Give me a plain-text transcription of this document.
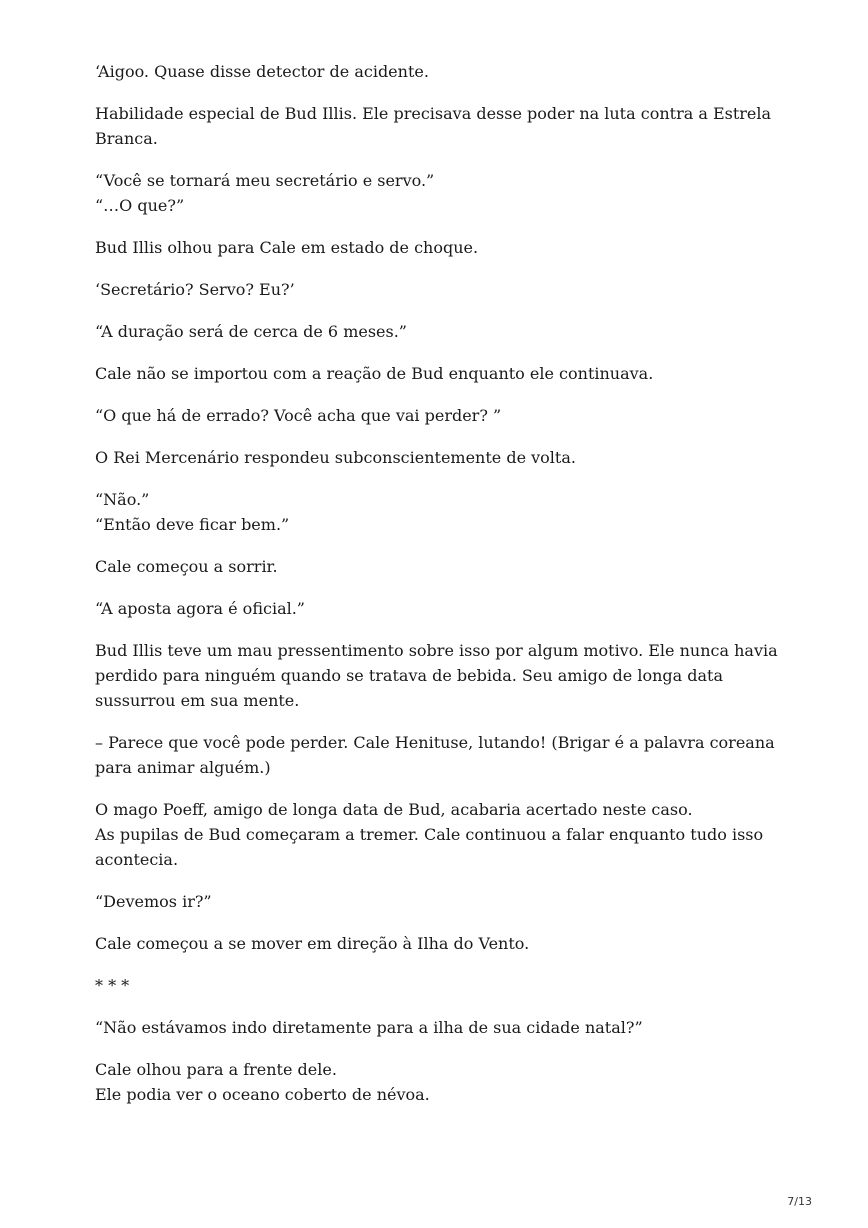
‘Aigoo. Quase disse detector de acidente.

Habilidade especial de Bud Illis. Ele precisava desse poder na luta contra a Estrela Branca.

“Você se tornará meu secretário e servo.”
“…O que?”

Bud Illis olhou para Cale em estado de choque.

‘Secretário? Servo? Eu?’

“A duração será de cerca de 6 meses.”

Cale não se importou com a reação de Bud enquanto ele continuava.

“O que há de errado? Você acha que vai perder? ”

O Rei Mercenário respondeu subconscientemente de volta.

“Não.”
“Então deve ficar bem.”

Cale começou a sorrir.

“A aposta agora é oficial.”

Bud Illis teve um mau pressentimento sobre isso por algum motivo. Ele nunca havia perdido para ninguém quando se tratava de bebida. Seu amigo de longa data sussurrou em sua mente.

– Parece que você pode perder. Cale Henituse, lutando! (Brigar é a palavra coreana para animar alguém.)

O mago Poeff, amigo de longa data de Bud, acabaria acertado neste caso.
As pupilas de Bud começaram a tremer. Cale continuou a falar enquanto tudo isso acontecia.

“Devemos ir?”

Cale começou a se mover em direção à Ilha do Vento.

* * *

“Não estávamos indo diretamente para a ilha de sua cidade natal?”

Cale olhou para a frente dele.
Ele podia ver o oceano coberto de névoa.

7/13
